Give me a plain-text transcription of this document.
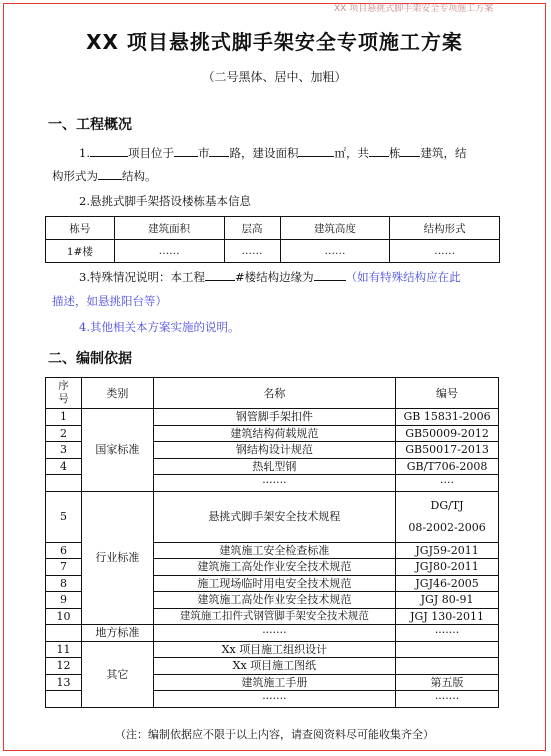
XX 项目悬挑式脚手架安全专项施工方案
XX 项目悬挑式脚手架安全专项施工方案
（二号黑体、居中、加粗）
一、工程概况
1.	项目位于 市 路，建设面积	㎡，共 栋 建筑，结
构形式为 结构。
2.悬挑式脚手架搭设楼栋基本信息
栋号	建筑面积	层高	建筑高度	结构形式
1#楼	……	……	……	……
3.特殊情况说明：本工程	#楼结构边缘为	（如有特殊结构应在此
描述，如悬挑阳台等）
4.其他相关本方案实施的说明。
二、编制依据
序号	类别	名称	编号
1	国家标准	钢管脚手架扣件	GB 15831-2006
2		建筑结构荷载规范	GB50009-2012
3		钢结构设计规范	GB50017-2013
4		热轧型钢	GB/T706-2008
		·······	····
5	行业标准	悬挑式脚手架安全技术规程	DG/TJ
08-2002-2006

6		建筑施工安全检查标准	JGJ59-2011
7		建筑施工高处作业安全技术规范	JGJ80-2011
8		施工现场临时用电安全技术规范	JGJ46-2005
9		建筑施工高处作业安全技术规范	JGJ 80-91
10		建筑施工扣件式钢管脚手架安全技术规范	JGJ 130-2011
	地方标准	·······	·······
11	其它	Xx 项目施工组织设计	
12		Xx 项目施工图纸	
13		建筑施工手册	第五版
		·······	·······
（注：编制依据应不限于以上内容，请查阅资料尽可能收集齐全）
